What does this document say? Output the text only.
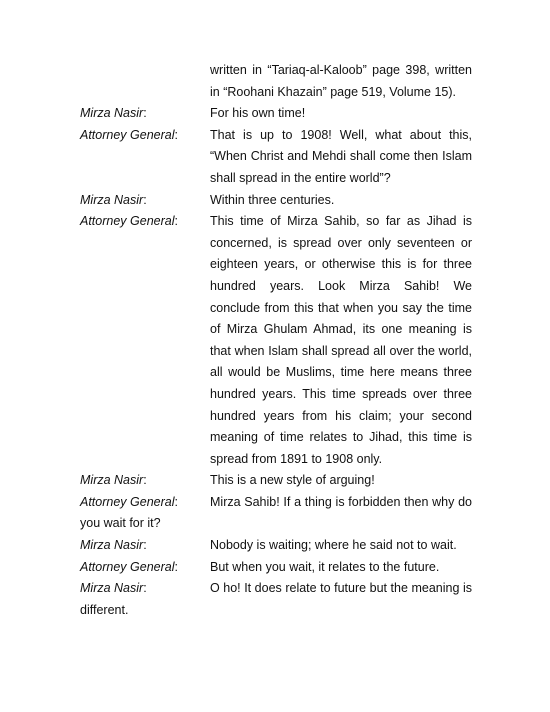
written in “Tariaq-al-Kaloob” page 398, written in “Roohani Khazain” page 519, Volume 15).
Mirza Nasir:	For his own time!
Attorney General:	That is up to 1908! Well, what about this, “When Christ and Mehdi shall come then Islam shall spread in the entire world”?
Mirza Nasir:	Within three centuries.
Attorney General:	This time of Mirza Sahib, so far as Jihad is concerned, is spread over only seventeen or eighteen years, or otherwise this is for three hundred years. Look Mirza Sahib! We conclude from this that when you say the time of Mirza Ghulam Ahmad, its one meaning is that when Islam shall spread all over the world, all would be Muslims, time here means three hundred years. This time spreads over three hundred years from his claim; your second meaning of time relates to Jihad, this time is spread from 1891 to 1908 only.
Mirza Nasir:	This is a new style of arguing!
Attorney General:	Mirza Sahib! If a thing is forbidden then why do you wait for it?
Mirza Nasir:	Nobody is waiting; where he said not to wait.
Attorney General:	But when you wait, it relates to the future.
Mirza Nasir:	O ho! It does relate to future but the meaning is different.
